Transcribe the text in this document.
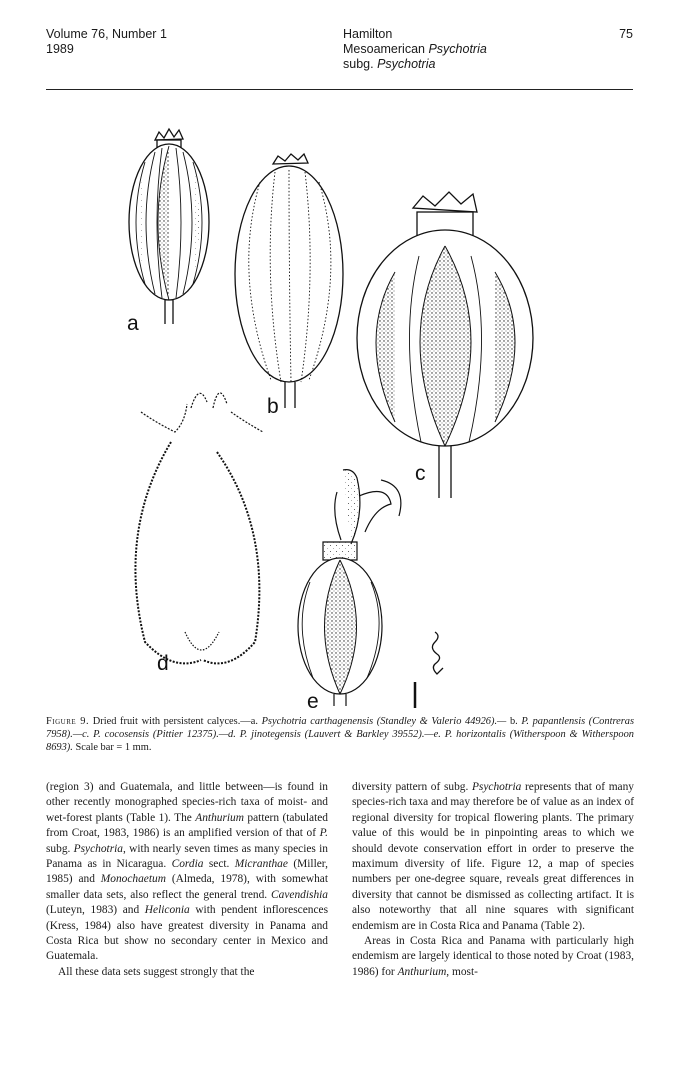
Volume 76, Number 1
1989
Hamilton
Mesoamerican Psychotria
subg. Psychotria
75
a
b
c
d
e
Figure 9. Dried fruit with persistent calyces.—a. Psychotria carthagenensis (Standley & Valerio 44926).— b. P. papantlensis (Contreras 7958).—c. P. cocosensis (Pittier 12375).—d. P. jinotegensis (Lauvert & Barkley 39552).—e. P. horizontalis (Witherspoon & Witherspoon 8693). Scale bar = 1 mm.

(region 3) and Guatemala, and little between—is found in other recently monographed species-rich taxa of moist- and wet-forest plants (Table 1). The Anthurium pattern (tabulated from Croat, 1983, 1986) is an amplified version of that of P. subg. Psychotria, with nearly seven times as many species in Panama as in Nicaragua. Cordia sect. Micranthae (Miller, 1985) and Monochaetum (Almeda, 1978), with somewhat smaller data sets, also reflect the general trend. Cavendishia (Luteyn, 1983) and Heliconia with pendent inflorescences (Kress, 1984) also have greatest diversity in Panama and Costa Rica but show no secondary center in Mexico and Guatemala.

All these data sets suggest strongly that the

diversity pattern of subg. Psychotria represents that of many species-rich taxa and may therefore be of value as an index of regional diversity for tropical flowering plants. The primary value of this would be in pinpointing areas to which we should devote conservation effort in order to preserve the maximum diversity of life. Figure 12, a map of species numbers per one-degree square, reveals great differences in diversity that cannot be dismissed as collecting artifact. It is also noteworthy that all nine squares with significant endemism are in Costa Rica and Panama (Table 2).

Areas in Costa Rica and Panama with particularly high endemism are largely identical to those noted by Croat (1983, 1986) for Anthurium, most-
